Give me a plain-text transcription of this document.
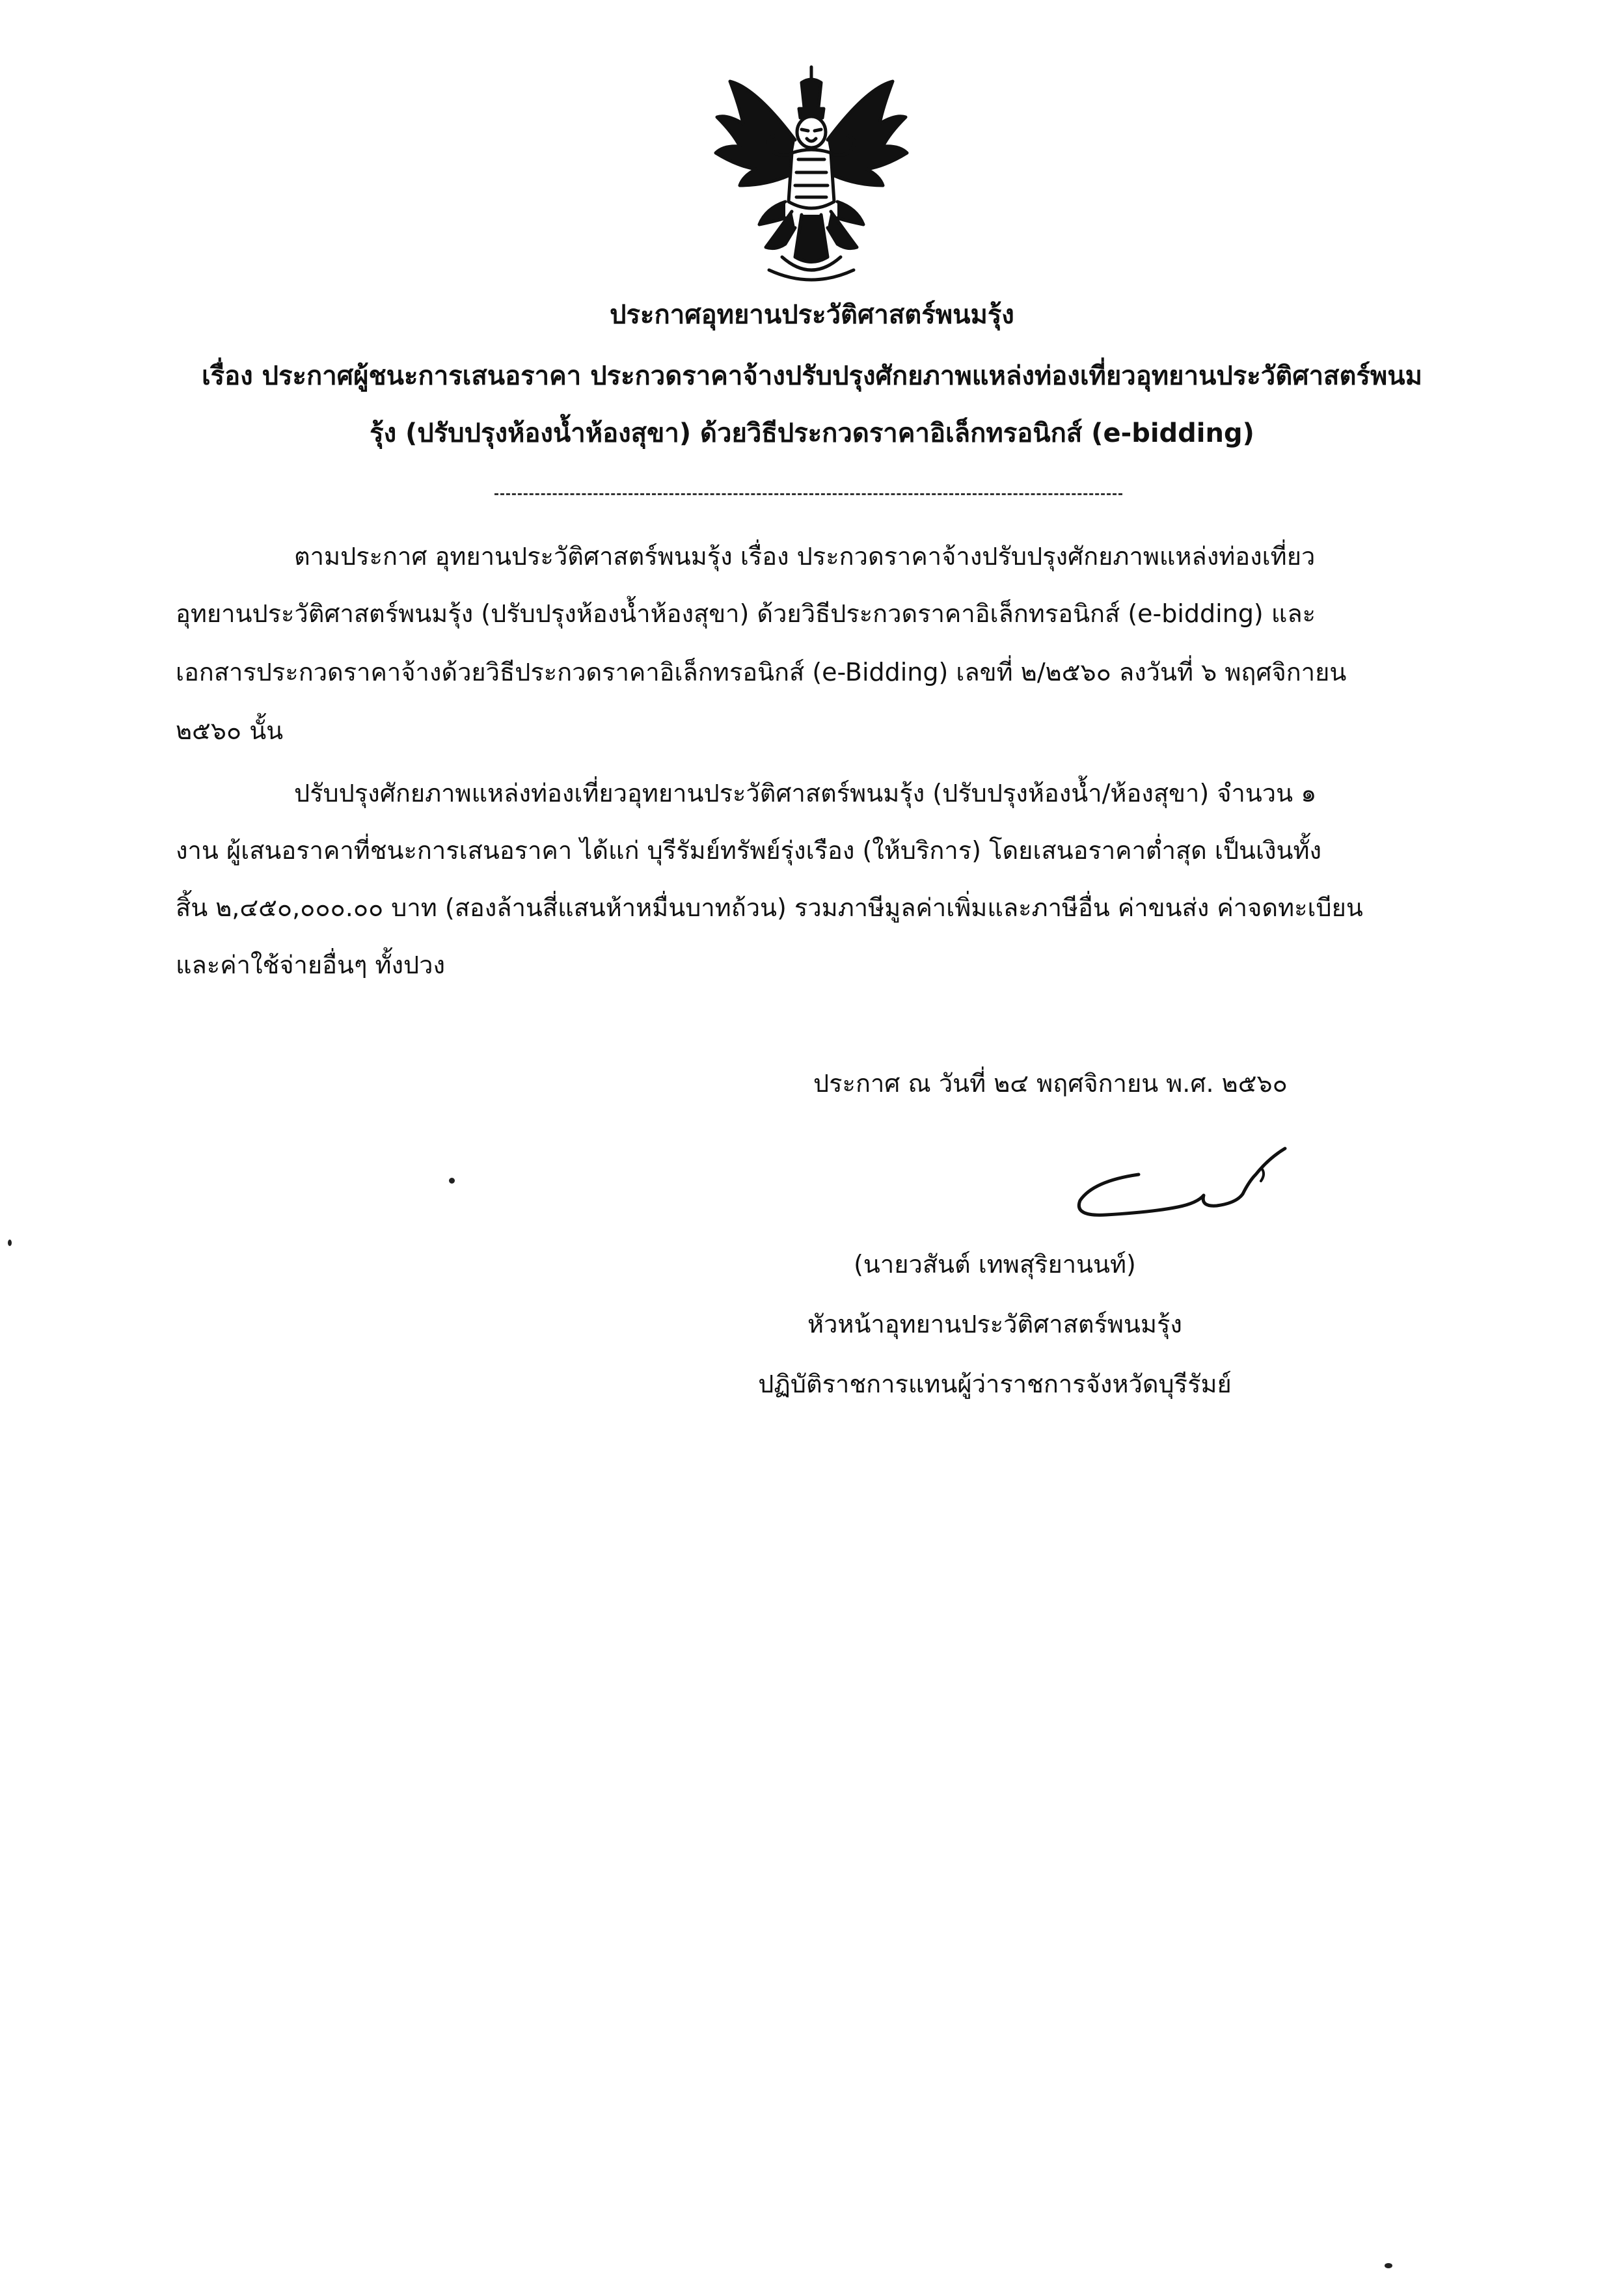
ประกาศอุทยานประวัติศาสตร์พนมรุ้ง
เรื่อง ประกาศผู้ชนะการเสนอราคา ประกวดราคาจ้างปรับปรุงศักยภาพแหล่งท่องเที่ยวอุทยานประวัติศาสตร์พนม
รุ้ง (ปรับปรุงห้องน้ำห้องสุขา) ด้วยวิธีประกวดราคาอิเล็กทรอนิกส์ (e-bidding)
ตามประกาศ อุทยานประวัติศาสตร์พนมรุ้ง เรื่อง ประกวดราคาจ้างปรับปรุงศักยภาพแหล่งท่องเที่ยว
อุทยานประวัติศาสตร์พนมรุ้ง (ปรับปรุงห้องน้ำห้องสุขา) ด้วยวิธีประกวดราคาอิเล็กทรอนิกส์ (e-bidding) และ
เอกสารประกวดราคาจ้างด้วยวิธีประกวดราคาอิเล็กทรอนิกส์ (e-Bidding) เลขที่ ๒/๒๕๖๐ ลงวันที่ ๖ พฤศจิกายน
๒๕๖๐ นั้น
ปรับปรุงศักยภาพแหล่งท่องเที่ยวอุทยานประวัติศาสตร์พนมรุ้ง (ปรับปรุงห้องน้ำ/ห้องสุขา) จำนวน ๑
งาน ผู้เสนอราคาที่ชนะการเสนอราคา ได้แก่ บุรีรัมย์ทรัพย์รุ่งเรือง (ให้บริการ) โดยเสนอราคาต่ำสุด เป็นเงินทั้ง
สิ้น ๒,๔๕๐,๐๐๐.๐๐ บาท (สองล้านสี่แสนห้าหมื่นบาทถ้วน) รวมภาษีมูลค่าเพิ่มและภาษีอื่น ค่าขนส่ง ค่าจดทะเบียน
และค่าใช้จ่ายอื่นๆ ทั้งปวง
ประกาศ ณ วันที่ ๒๔ พฤศจิกายน พ.ศ. ๒๕๖๐
(นายวสันต์ เทพสุริยานนท์)
หัวหน้าอุทยานประวัติศาสตร์พนมรุ้ง
ปฏิบัติราชการแทนผู้ว่าราชการจังหวัดบุรีรัมย์
